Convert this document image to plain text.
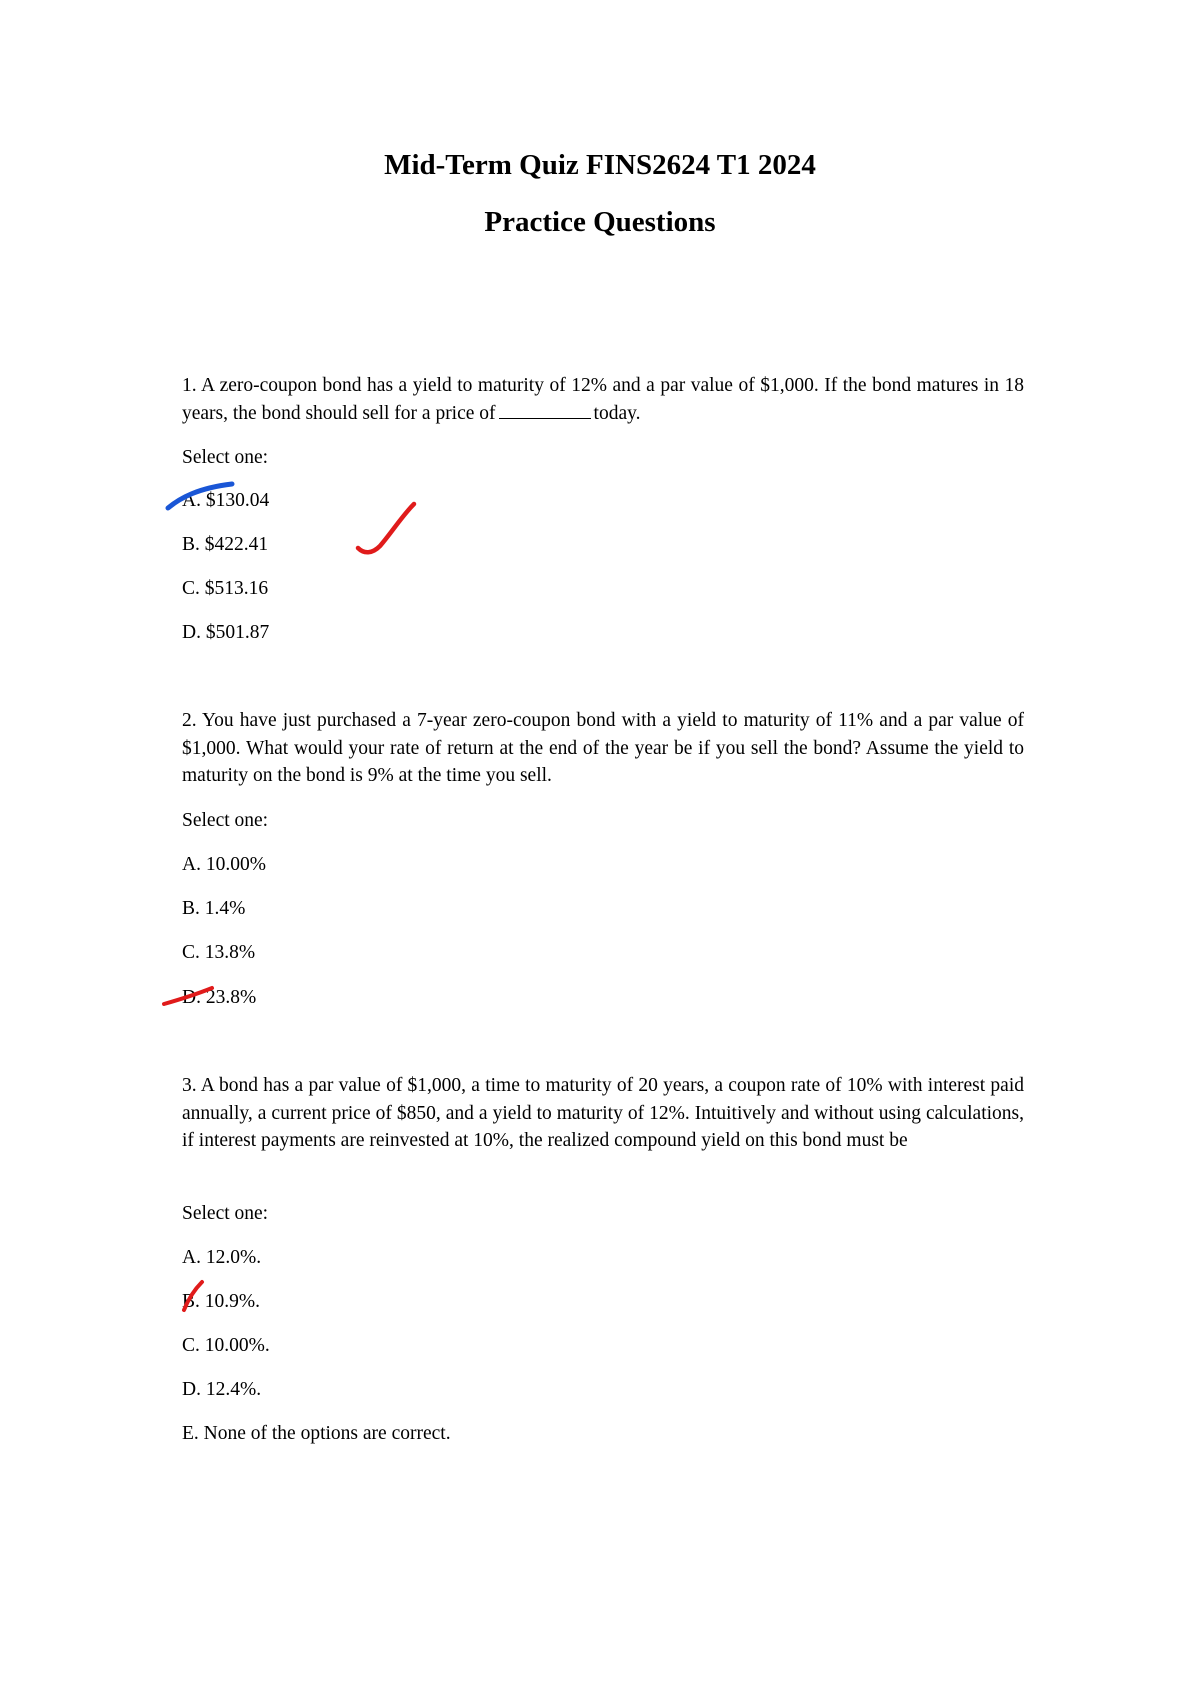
Mid-Term Quiz FINS2624 T1 2024
Practice Questions

1. A zero-coupon bond has a yield to maturity of 12% and a par value of $1,000. If the bond matures in 18 years, the bond should sell for a price of	today.

Select one:

A. $130.04

B. $422.41

C. $513.16

D. $501.87

2. You have just purchased a 7-year zero-coupon bond with a yield to maturity of 11% and a par value of $1,000. What would your rate of return at the end of the year be if you sell the bond? Assume the yield to maturity on the bond is 9% at the time you sell.

Select one:

A. 10.00%

B. 1.4%

C. 13.8%

D. 23.8%

3. A bond has a par value of $1,000, a time to maturity of 20 years, a coupon rate of 10% with interest paid annually, a current price of $850, and a yield to maturity of 12%. Intuitively and without using calculations, if interest payments are reinvested at 10%, the realized compound yield on this bond must be

Select one:

A. 12.0%.

B. 10.9%.

C. 10.00%.

D. 12.4%.

E. None of the options are correct.
